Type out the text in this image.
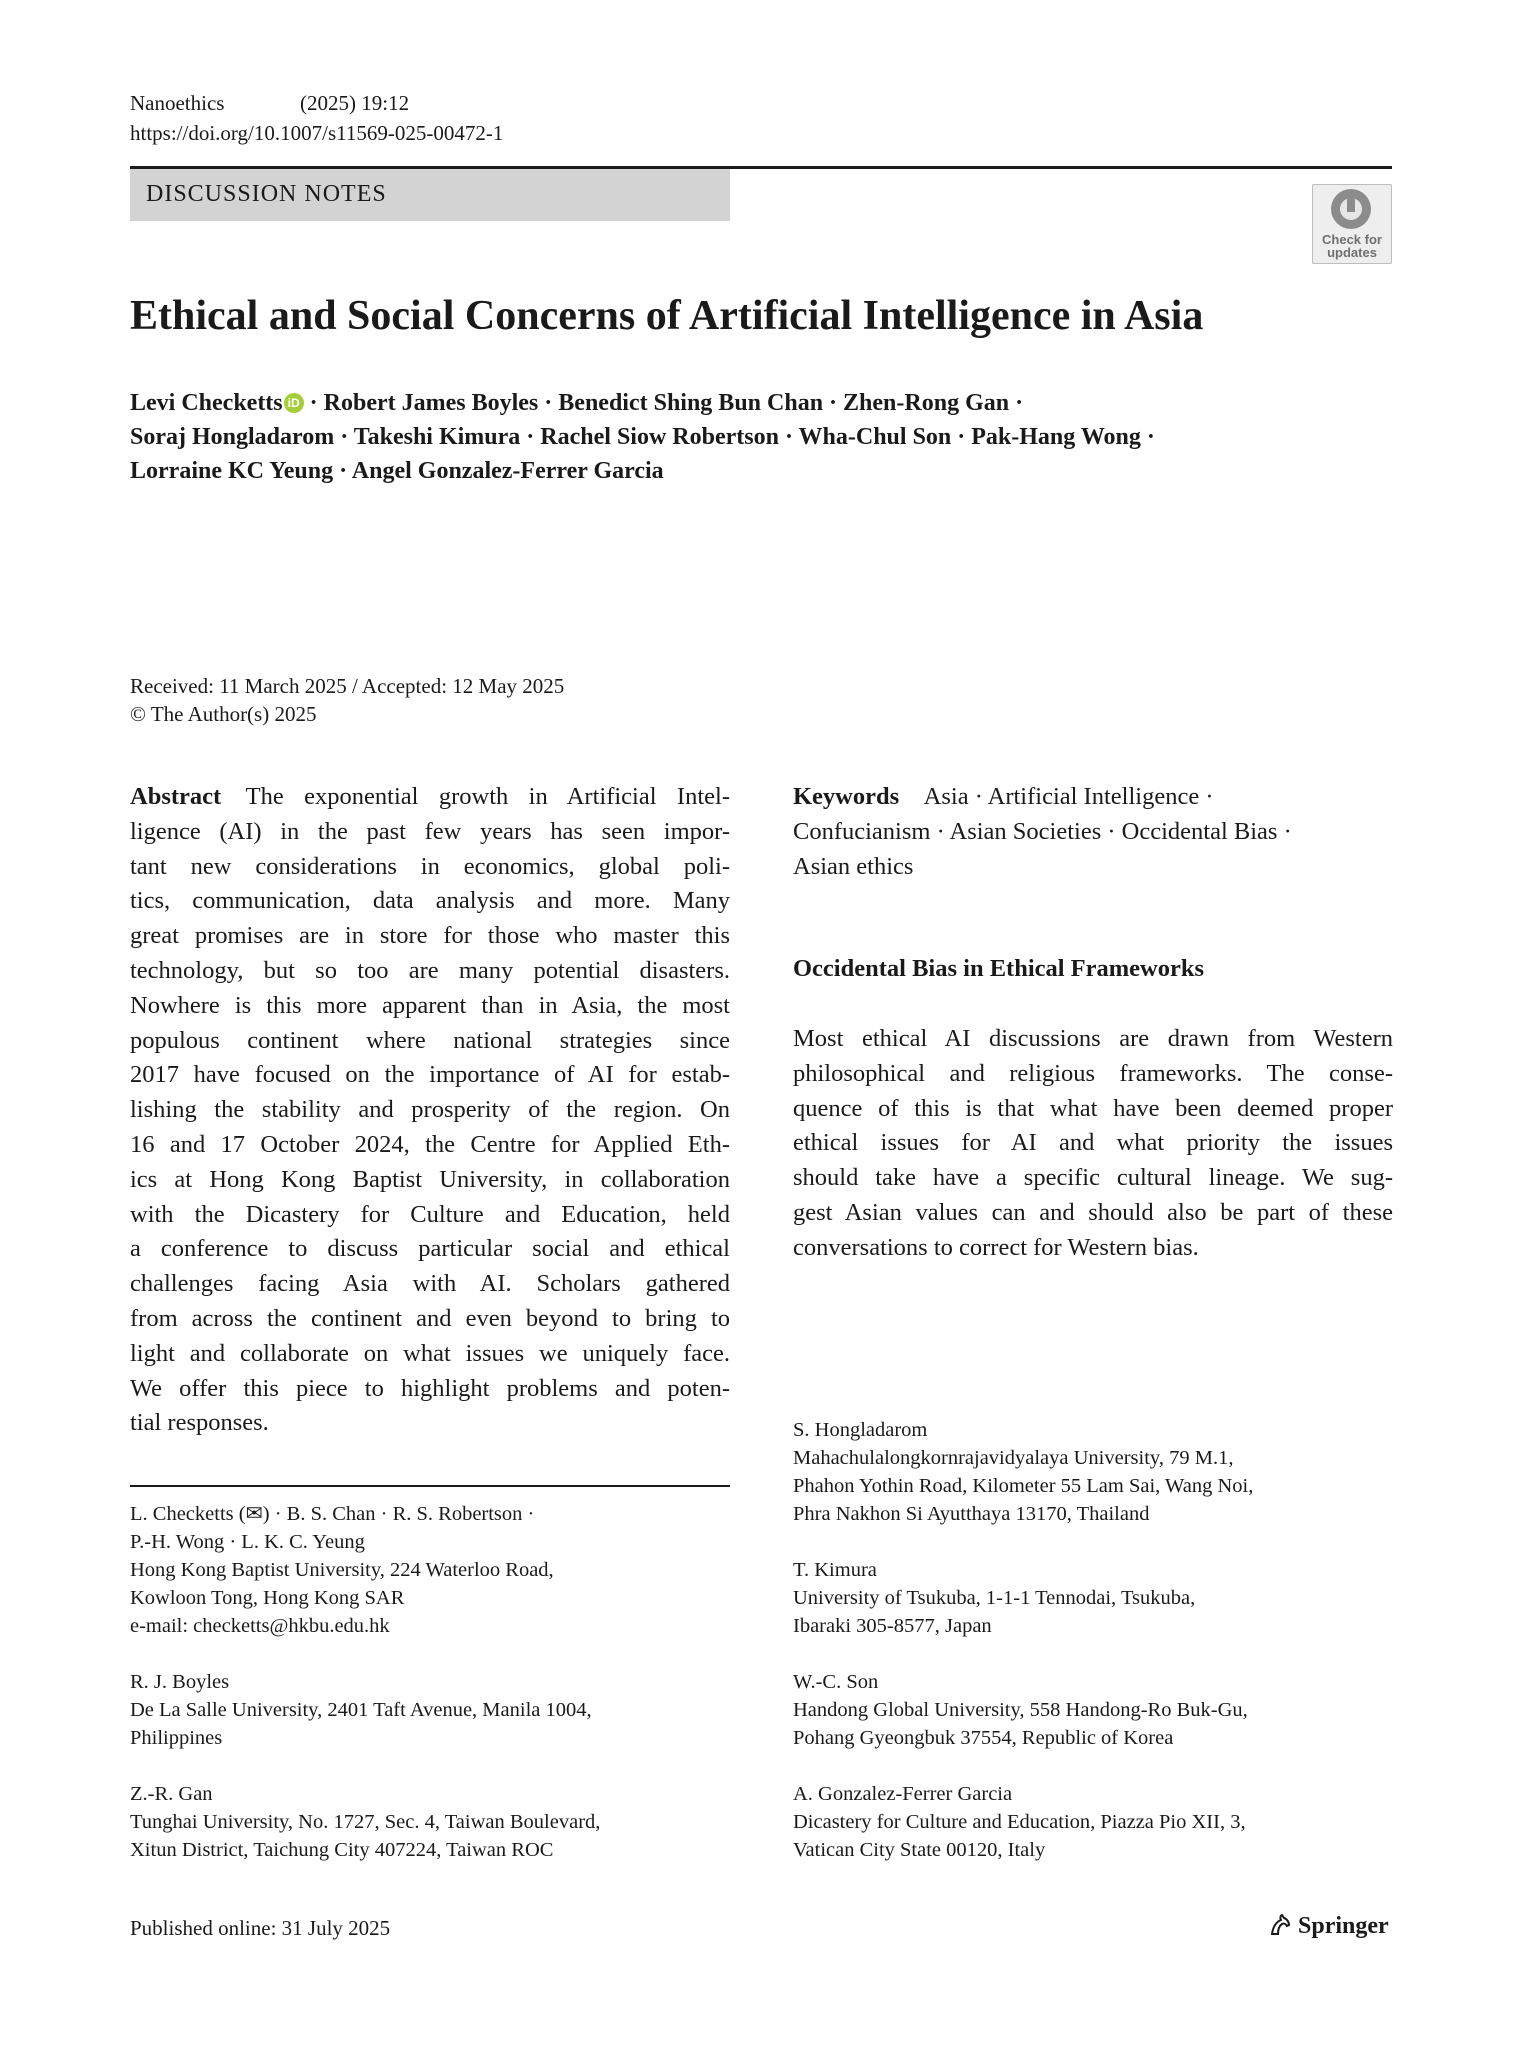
Nanoethics	(2025) 19:12
https://doi.org/10.1007/s11569-025-00472-1
DISCUSSION NOTES
Check for
updates
Ethical and Social Concerns of Artificial Intelligence in Asia
Levi Checketts iD · Robert James Boyles · Benedict Shing Bun Chan · Zhen-Rong Gan ·
Soraj Hongladarom · Takeshi Kimura · Rachel Siow Robertson · Wha-Chul Son · Pak-Hang Wong ·
Lorraine KC Yeung · Angel Gonzalez-Ferrer Garcia
Received: 11 March 2025 / Accepted: 12 May 2025
© The Author(s) 2025
Abstract The exponential growth in Artificial Intel-
ligence (AI) in the past few years has seen impor-
tant new considerations in economics, global poli-
tics, communication, data analysis and more. Many
great promises are in store for those who master this
technology, but so too are many potential disasters.
Nowhere is this more apparent than in Asia, the most
populous continent where national strategies since
2017 have focused on the importance of AI for estab-
lishing the stability and prosperity of the region. On
16 and 17 October 2024, the Centre for Applied Eth-
ics at Hong Kong Baptist University, in collaboration
with the Dicastery for Culture and Education, held
a conference to discuss particular social and ethical
challenges facing Asia with AI. Scholars gathered
from across the continent and even beyond to bring to
light and collaborate on what issues we uniquely face.
We offer this piece to highlight problems and poten-
tial responses.
Keywords Asia · Artificial Intelligence ·
Confucianism · Asian Societies · Occidental Bias ·
Asian ethics
Occidental Bias in Ethical Frameworks
Most ethical AI discussions are drawn from Western
philosophical and religious frameworks. The conse-
quence of this is that what have been deemed proper
ethical issues for AI and what priority the issues
should take have a specific cultural lineage. We sug-
gest Asian values can and should also be part of these
conversations to correct for Western bias.
L. Checketts (✉) · B. S. Chan · R. S. Robertson ·
P.-H. Wong · L. K. C. Yeung
Hong Kong Baptist University, 224 Waterloo Road,
Kowloon Tong, Hong Kong SAR
e-mail: checketts@hkbu.edu.hk
R. J. Boyles
De La Salle University, 2401 Taft Avenue, Manila 1004,
Philippines
Z.-R. Gan
Tunghai University, No. 1727, Sec. 4, Taiwan Boulevard,
Xitun District, Taichung City 407224, Taiwan ROC
S. Hongladarom
Mahachulalongkornrajavidyalaya University, 79 M.1,
Phahon Yothin Road, Kilometer 55 Lam Sai, Wang Noi,
Phra Nakhon Si Ayutthaya 13170, Thailand
T. Kimura
University of Tsukuba, 1-1-1 Tennodai, Tsukuba,
Ibaraki 305-8577, Japan
W.-C. Son
Handong Global University, 558 Handong-Ro Buk-Gu,
Pohang Gyeongbuk 37554, Republic of Korea
A. Gonzalez-Ferrer Garcia
Dicastery for Culture and Education, Piazza Pio XII, 3,
Vatican City State 00120, Italy
Published online: 31 July 2025	Springer
